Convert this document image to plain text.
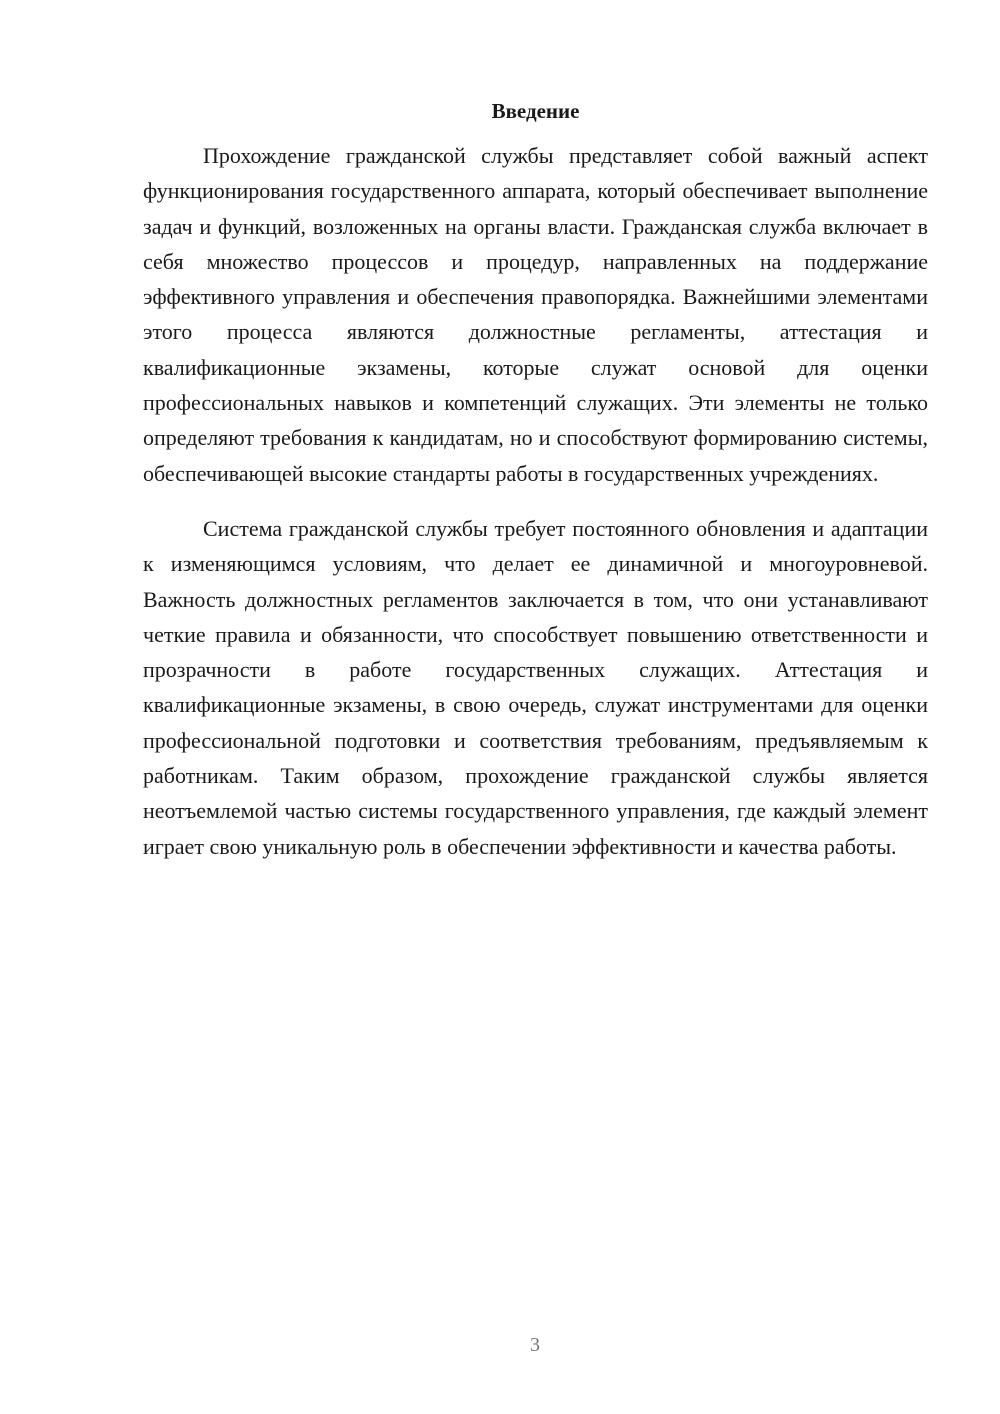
Введение

Прохождение гражданской службы представляет собой важный аспект функционирования государственного аппарата, который обеспечивает выполнение задач и функций, возложенных на органы власти. Гражданская служба включает в себя множество процессов и процедур, направленных на поддержание эффективного управления и обеспечения правопорядка. Важнейшими элементами этого процесса являются должностные регламенты, аттестация и квалификационные экзамены, которые служат основой для оценки профессиональных навыков и компетенций служащих. Эти элементы не только определяют требования к кандидатам, но и способствуют формированию системы, обеспечивающей высокие стандарты работы в государственных учреждениях.

Система гражданской службы требует постоянного обновления и адаптации к изменяющимся условиям, что делает ее динамичной и многоуровневой. Важность должностных регламентов заключается в том, что они устанавливают четкие правила и обязанности, что способствует повышению ответственности и прозрачности в работе государственных служащих. Аттестация и квалификационные экзамены, в свою очередь, служат инструментами для оценки профессиональной подготовки и соответствия требованиям, предъявляемым к работникам. Таким образом, прохождение гражданской службы является неотъемлемой частью системы государственного управления, где каждый элемент играет свою уникальную роль в обеспечении эффективности и качества работы.

3
